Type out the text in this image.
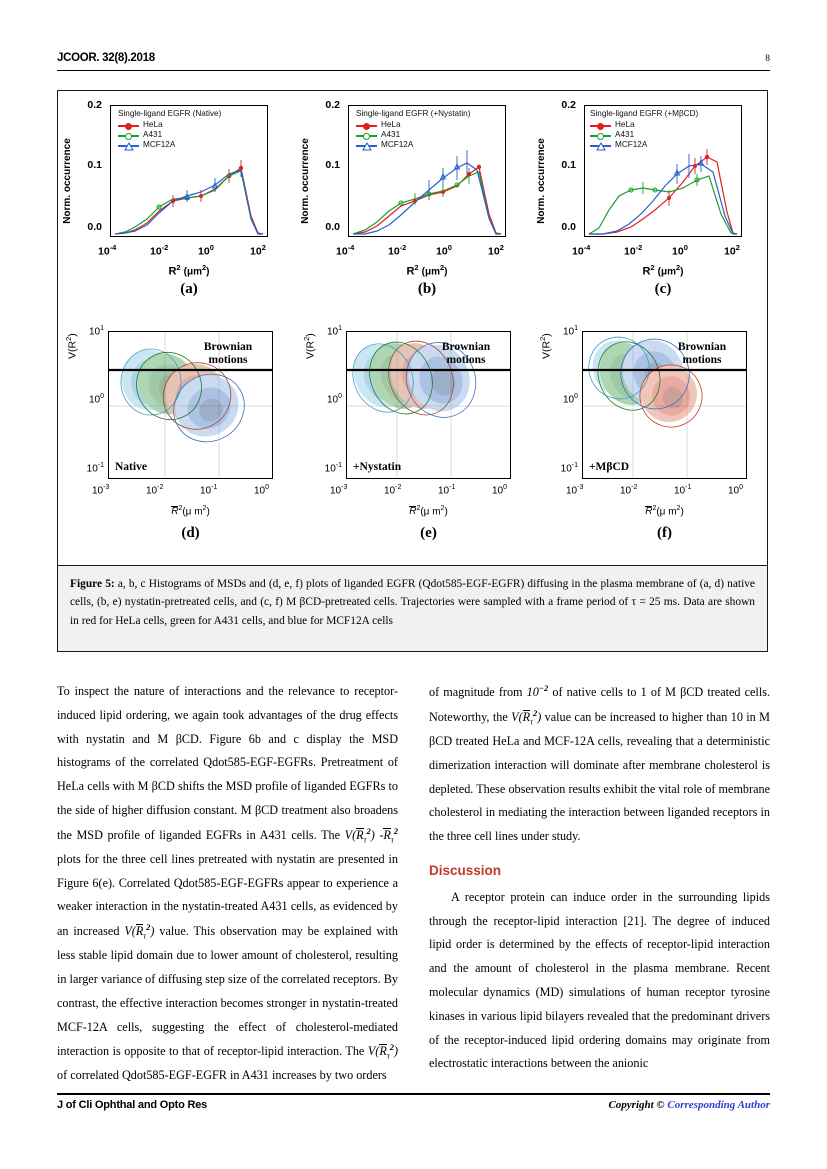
JCOOR. 32(8).2018	8
Norm. occurrence
0.2
0.1
0.0
Single-ligand EGFR (Native)
HeLa
A431
MCF12A
$10^{-4}$	$10^{-2}$	$10^0$	$10^2$
$R^2$ $(\mu m^2)$
(a)
Norm. occurrence
0.2
0.1
0.0
Single-ligand EGFR (+Nystatin)
HeLa
A431
MCF12A
$10^{-4}$	$10^{-2}$	$10^0$	$10^2$
$R^2$ $(\mu m^2)$
(b)
Norm. occurrence
0.2
0.1
0.0
Single-ligand EGFR (+MβCD)
HeLa
A431
MCF12A
$10^{-4}$	$10^{-2}$	$10^0$	$10^2$
$R^2$ $(\mu m^2)$
(c)
$V(R^2)$	$10^1$
$10^0$
$10^{-1}$
Brownian
motions
Native
$10^{-3}$	$10^{-2}$	$10^{-1}$	$10^0$
$R^2(\mu$ $m^2$)
(d)
$V(R^2)$	$10^1$
$10^0$
$10^{-1}$
Brownian
motions
+Nystatin
$10^{-3}$	$10^{-2}$	$10^{-1}$	$10^0$
$R^2(\mu$ $m^2$)
(e)
$V(R^2)$	$10^1$
$10^0$
$10^{-1}$
Brownian
motions
+MβCD
$10^{-3}$	$10^{-2}$	$10^{-1}$	$10^0$
$R^2(\mu$ $m^2$)
(f)
Figure 5: a, b, c Histograms of MSDs and (d, e, f) plots of liganded EGFR (Qdot585-EGF-EGFR) diffusing in the plasma membrane of (a, d) native cells, (b, e) nystatin-pretreated cells, and (c, f) M βCD-pretreated cells. Trajectories were sampled with a frame period of τ = 25 ms. Data are shown in red for HeLa cells, green for A431 cells, and blue for MCF12A cells

To inspect the nature of interactions and the relevance to receptor-induced lipid ordering, we again took advantages of the drug effects with nystatin and M βCD. Figure 6b and c display the MSD histograms of the correlated Qdot585-EGF-EGFRs. Pretreatment of HeLa cells with M βCD shifts the MSD profile of liganded EGFRs to the side of higher diffusion constant. M βCD treatment also broadens the MSD profile of liganded EGFRs in A431 cells. The $V(R_\tau^2)$ $-R_\tau^2$ plots for the three cell lines pretreated with nystatin are presented in Figure 6(e). Correlated Qdot585-EGF-EGFRs appear to experience a weaker interaction in the nystatin-treated A431 cells, as evidenced by an increased $V(R_\tau^2)$ value. This observation may be explained with less stable lipid domain due to lower amount of cholesterol, resulting in larger variance of diffusing step size of the correlated receptors. By contrast, the effective interaction becomes stronger in nystatin-treated MCF-12A cells, suggesting the effect of cholesterol-mediated interaction is opposite to that of receptor-lipid interaction. The $V(R_\tau^2)$ of correlated Qdot585-EGF-EGFR in A431 increases by two orders

of magnitude from $10^{-2}$ of native cells to 1 of M βCD treated cells. Noteworthy, the $V(R_\tau^2)$ value can be increased to higher than 10 in M βCD treated HeLa and MCF-12A cells, revealing that a deterministic dimerization interaction will dominate after membrane cholesterol is depleted. These observation results exhibit the vital role of membrane cholesterol in mediating the interaction between liganded receptors in the three cell lines under study.

Discussion

A receptor protein can induce order in the surrounding lipids through the receptor-lipid interaction [21]. The degree of induced lipid order is determined by the effects of receptor-lipid interaction and the amount of cholesterol in the plasma membrane. Recent molecular dynamics (MD) simulations of human receptor tyrosine kinases in various lipid bilayers revealed that the predominant drivers of the receptor-induced lipid ordering domains may originate from electrostatic interactions between the anionic

J of Cli Ophthal and Opto Res	Copyright © Corresponding Author
